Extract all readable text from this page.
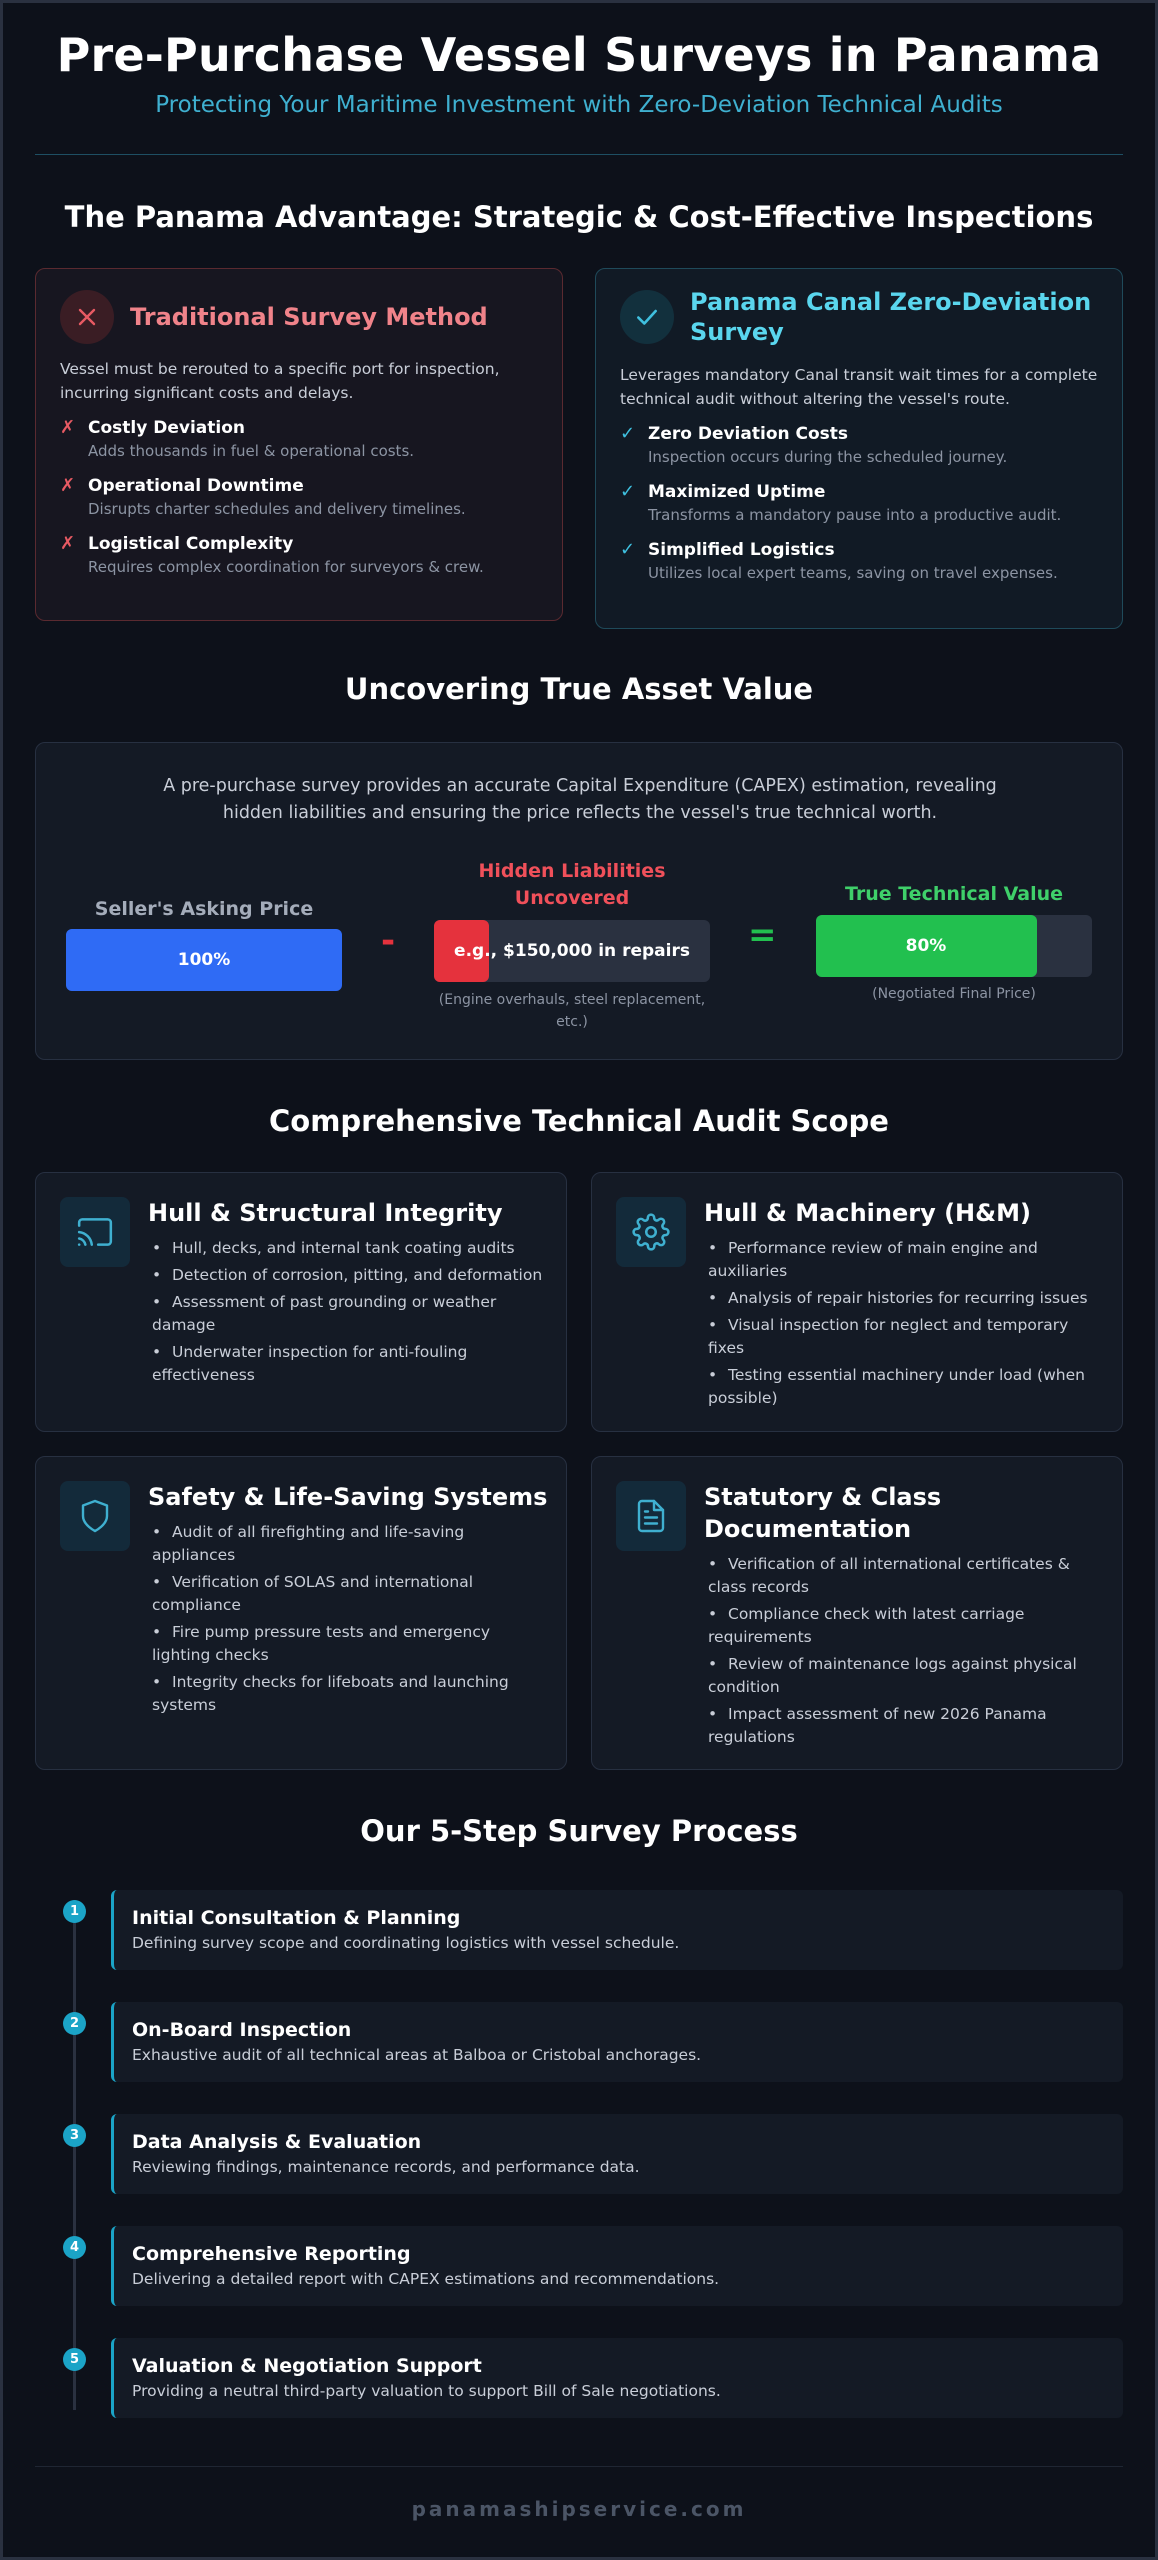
Pre-Purchase Vessel Surveys in Panama
Protecting Your Maritime Investment with Zero-Deviation Technical Audits
The Panama Advantage: Strategic & Cost-Effective Inspections
Traditional Survey Method
Vessel must be rerouted to a specific port for inspection, incurring significant costs and delays.
✗ Costly Deviation
Adds thousands in fuel & operational costs.
✗ Operational Downtime
Disrupts charter schedules and delivery timelines.
✗ Logistical Complexity
Requires complex coordination for surveyors & crew.
Panama Canal Zero-Deviation Survey
Leverages mandatory Canal transit wait times for a complete technical audit without altering the vessel's route.
✓ Zero Deviation Costs
Inspection occurs during the scheduled journey.
✓ Maximized Uptime
Transforms a mandatory pause into a productive audit.
✓ Simplified Logistics
Utilizes local expert teams, saving on travel expenses.
Uncovering True Asset Value
A pre-purchase survey provides an accurate Capital Expenditure (CAPEX) estimation, revealing hidden liabilities and ensuring the price reflects the vessel's true technical worth.
Seller's Asking Price
100%	-
Hidden Liabilities Uncovered
e.g., $150,000 in repairs
(Engine overhauls, steel replacement, etc.)
=
True Technical Value
80%
(Negotiated Final Price)
Comprehensive Technical Audit Scope
Hull & Structural Integrity
• Hull, decks, and internal tank coating audits
• Detection of corrosion, pitting, and deformation
• Assessment of past grounding or weather damage
• Underwater inspection for anti-fouling effectiveness
Hull & Machinery (H&M)
• Performance review of main engine and auxiliaries
• Analysis of repair histories for recurring issues
• Visual inspection for neglect and temporary fixes
• Testing essential machinery under load (when possible)
Safety & Life-Saving Systems
• Audit of all firefighting and life-saving appliances
• Verification of SOLAS and international compliance
• Fire pump pressure tests and emergency lighting checks
• Integrity checks for lifeboats and launching systems
Statutory & Class Documentation
• Verification of all international certificates & class records
• Compliance check with latest carriage requirements
• Review of maintenance logs against physical condition
• Impact assessment of new 2026 Panama regulations
Our 5-Step Survey Process
1	Initial Consultation & Planning
Defining survey scope and coordinating logistics with vessel schedule.
2	On-Board Inspection
Exhaustive audit of all technical areas at Balboa or Cristobal anchorages.
3	Data Analysis & Evaluation
Reviewing findings, maintenance records, and performance data.
4	Comprehensive Reporting
Delivering a detailed report with CAPEX estimations and recommendations.
5	Valuation & Negotiation Support
Providing a neutral third-party valuation to support Bill of Sale negotiations.
panamashipservice.com
